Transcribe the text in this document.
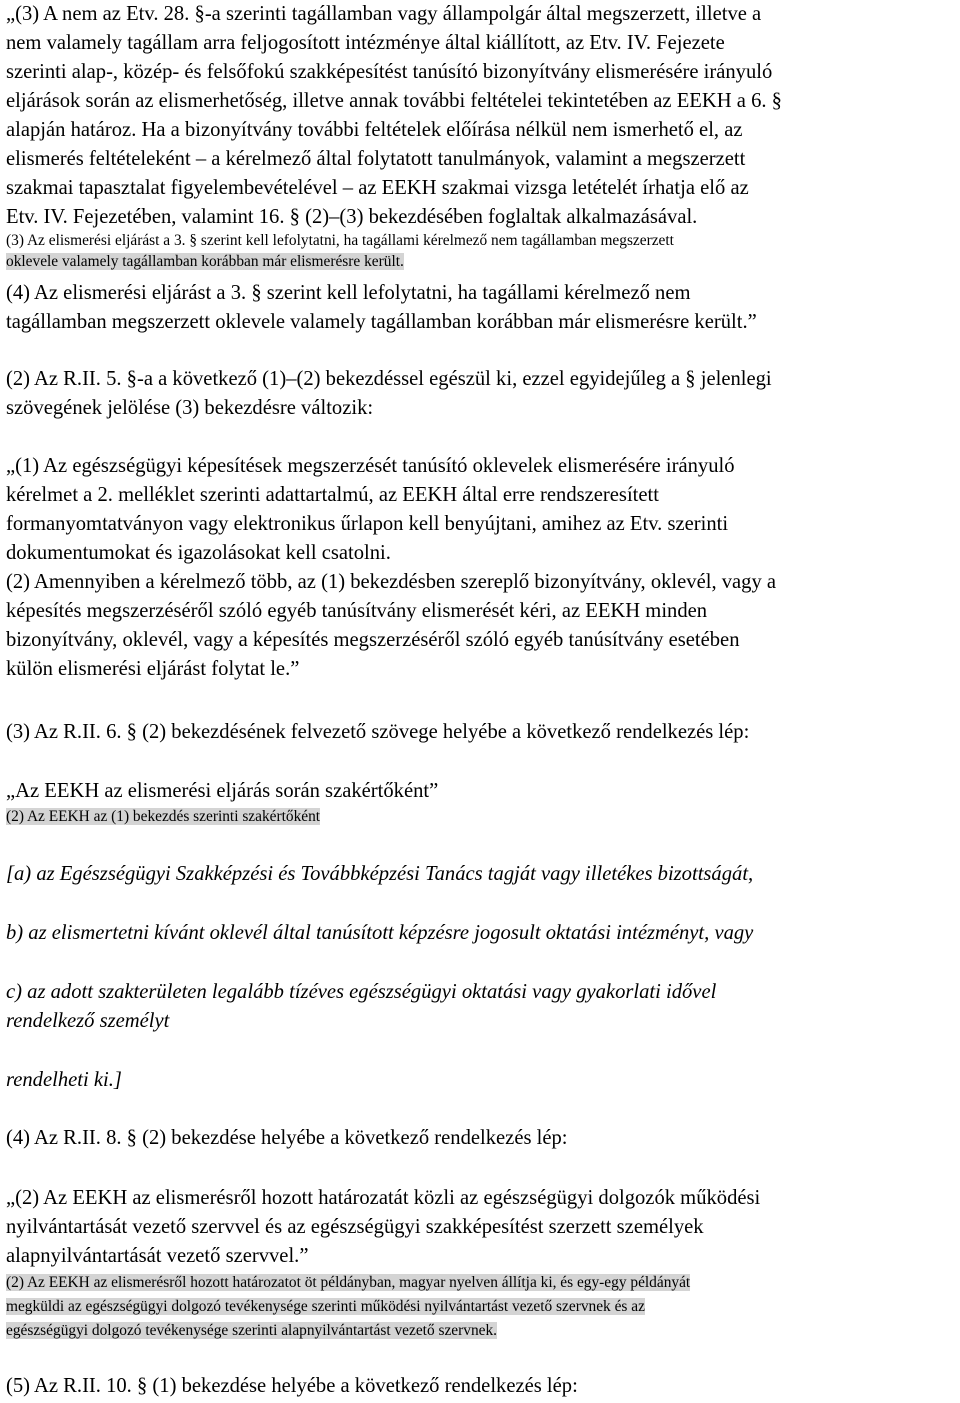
„(3) A nem az Etv. 28. §-a szerinti tagállamban vagy állampolgár által megszerzett, illetve a
nem valamely tagállam arra feljogosított intézménye által kiállított, az Etv. IV. Fejezete
szerinti alap-, közép- és felsőfokú szakképesítést tanúsító bizonyítvány elismerésére irányuló
eljárások során az elismerhetőség, illetve annak további feltételei tekintetében az EEKH a 6. §
alapján határoz. Ha a bizonyítvány további feltételek előírása nélkül nem ismerhető el, az
elismerés feltételeként – a kérelmező által folytatott tanulmányok, valamint a megszerzett
szakmai tapasztalat figyelembevételével – az EEKH szakmai vizsga letételét írhatja elő az
Etv. IV. Fejezetében, valamint 16. § (2)–(3) bekezdésében foglaltak alkalmazásával.
(3) Az elismerési eljárást a 3. § szerint kell lefolytatni, ha tagállami kérelmező nem tagállamban megszerzett
oklevele valamely tagállamban korábban már elismerésre került.
(4) Az elismerési eljárást a 3. § szerint kell lefolytatni, ha tagállami kérelmező nem
tagállamban megszerzett oklevele valamely tagállamban korábban már elismerésre került.”
(2) Az R.II. 5. §-a a következő (1)–(2) bekezdéssel egészül ki, ezzel egyidejűleg a § jelenlegi
szövegének jelölése (3) bekezdésre változik:
„(1) Az egészségügyi képesítések megszerzését tanúsító oklevelek elismerésére irányuló
kérelmet a 2. melléklet szerinti adattartalmú, az EEKH által erre rendszeresített
formanyomtatványon vagy elektronikus űrlapon kell benyújtani, amihez az Etv. szerinti
dokumentumokat és igazolásokat kell csatolni.
(2) Amennyiben a kérelmező több, az (1) bekezdésben szereplő bizonyítvány, oklevél, vagy a
képesítés megszerzéséről szóló egyéb tanúsítvány elismerését kéri, az EEKH minden
bizonyítvány, oklevél, vagy a képesítés megszerzéséről szóló egyéb tanúsítvány esetében
külön elismerési eljárást folytat le.”
(3) Az R.II. 6. § (2) bekezdésének felvezető szövege helyébe a következő rendelkezés lép:
„Az EEKH az elismerési eljárás során szakértőként”
(2) Az EEKH az (1) bekezdés szerinti szakértőként
[a) az Egészségügyi Szakképzési és Továbbképzési Tanács tagját vagy illetékes bizottságát,
b) az elismertetni kívánt oklevél által tanúsított képzésre jogosult oktatási intézményt, vagy
c) az adott szakterületen legalább tízéves egészségügyi oktatási vagy gyakorlati idővel
rendelkező személyt
rendelheti ki.]
(4) Az R.II. 8. § (2) bekezdése helyébe a következő rendelkezés lép:
„(2) Az EEKH az elismerésről hozott határozatát közli az egészségügyi dolgozók működési
nyilvántartását vezető szervvel és az egészségügyi szakképesítést szerzett személyek
alapnyilvántartását vezető szervvel.”
(2) Az EEKH az elismerésről hozott határozatot öt példányban, magyar nyelven állítja ki, és egy-egy példányát
megküldi az egészségügyi dolgozó tevékenysége szerinti működési nyilvántartást vezető szervnek és az
egészségügyi dolgozó tevékenysége szerinti alapnyilvántartást vezető szervnek.
(5) Az R.II. 10. § (1) bekezdése helyébe a következő rendelkezés lép:
